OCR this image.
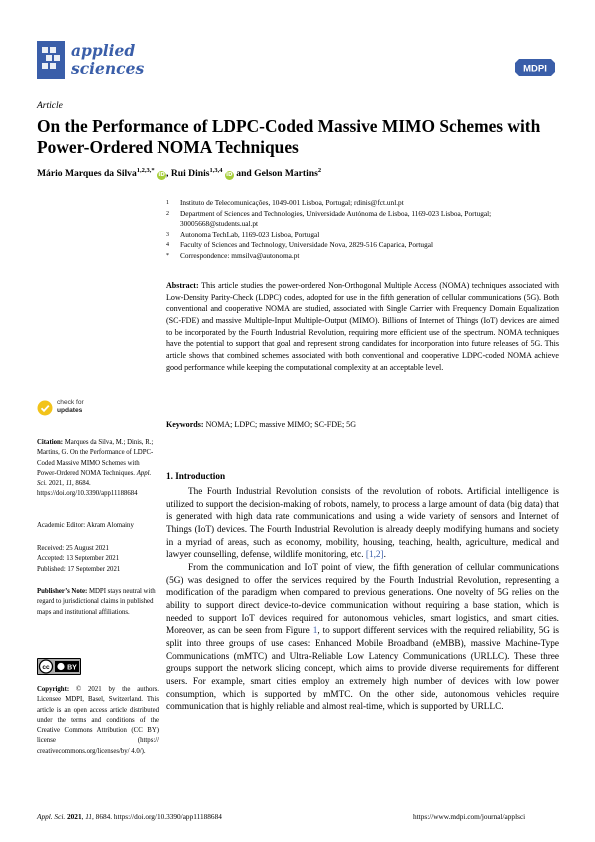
applied
sciences	MDPI
Article
On the Performance of LDPC-Coded Massive MIMO Schemes with Power-Ordered NOMA Techniques
Mário Marques da Silva$^{1,2,3,*}$ iD, Rui Dinis$^{1,3,4}$ iD and Gelson Martins$^2$
1	Instituto de Telecomunicações, 1049-001 Lisboa, Portugal; rdinis@fct.unl.pt
2	Department of Sciences and Technologies, Universidade Autónoma de Lisboa, 1169-023 Lisboa, Portugal; 30005668@students.ual.pt
3	Autonoma TechLab, 1169-023 Lisboa, Portugal
4	Faculty of Sciences and Technology, Universidade Nova, 2829-516 Caparica, Portugal
*	Correspondence: mmsilva@autonoma.pt
Abstract: This article studies the power-ordered Non-Orthogonal Multiple Access (NOMA) techniques associated with Low-Density Parity-Check (LDPC) codes, adopted for use in the fifth generation of cellular communications (5G). Both conventional and cooperative NOMA are studied, associated with Single Carrier with Frequency Domain Equalization (SC-FDE) and massive Multiple-Input Multiple-Output (MIMO). Billions of Internet of Things (IoT) devices are aimed to be incorporated by the Fourth Industrial Revolution, requiring more efficient use of the spectrum. NOMA techniques have the potential to support that goal and represent strong candidates for incorporation into future releases of 5G. This article shows that combined schemes associated with both conventional and cooperative LDPC-coded NOMA achieve good performance while keeping the computational complexity at an acceptable level.
Keywords: NOMA; LDPC; massive MIMO; SC-FDE; 5G
check for
updates
Citation: Marques da Silva, M.; Dinis, R.; Martins, G. On the Performance of LDPC-Coded Massive MIMO Schemes with Power-Ordered NOMA Techniques. Appl. Sci. 2021, 11, 8684. https://doi.org/10.3390/app11188684
Academic Editor: Akram Alomainy
Received: 25 August 2021
Accepted: 13 September 2021
Published: 17 September 2021
Publisher’s Note: MDPI stays neutral with regard to jurisdictional claims in published maps and institutional affiliations.
cc	BY
Copyright: © 2021 by the authors. Licensee MDPI, Basel, Switzerland. This article is an open access article distributed under the terms and conditions of the Creative Commons Attribution (CC BY) license (https:// creativecommons.org/licenses/by/ 4.0/).
1. Introduction

The Fourth Industrial Revolution consists of the revolution of robots. Artificial intelligence is utilized to support the decision-making of robots, namely, to process a large amount of data (big data) that is generated with high data rate communications and using a wide variety of sensors and Internet of Things (IoT) devices. The Fourth Industrial Revolution is already deeply modifying humans and society in a myriad of areas, such as economy, mobility, housing, teaching, health, agriculture, medical and lawyer counselling, defense, wildlife monitoring, etc. [1,2].

From the communication and IoT point of view, the fifth generation of cellular communications (5G) was designed to offer the services required by the Fourth Industrial Revolution, representing a modification of the paradigm when compared to previous generations. One novelty of 5G relies on the ability to support direct device-to-device communication without requiring a base station, which is needed to support IoT devices required for autonomous vehicles, smart logistics, and smart cities. Moreover, as can be seen from Figure 1, to support different services with the required reliability, 5G is split into three groups of use cases: Enhanced Mobile Broadband (eMBB), massive Machine-Type Communications (mMTC) and Ultra-Reliable Low Latency Communications (URLLC). These three groups support the network slicing concept, which aims to provide diverse requirements for different users. For example, smart cities employ an extremely high number of devices with low power consumption, which is supported by mMTC. On the other side, autonomous vehicles require communication that is highly reliable and almost real-time, which is supported by URLLC.

Appl. Sci. 2021, 11, 8684. https://doi.org/10.3390/app11188684	https://www.mdpi.com/journal/applsci
